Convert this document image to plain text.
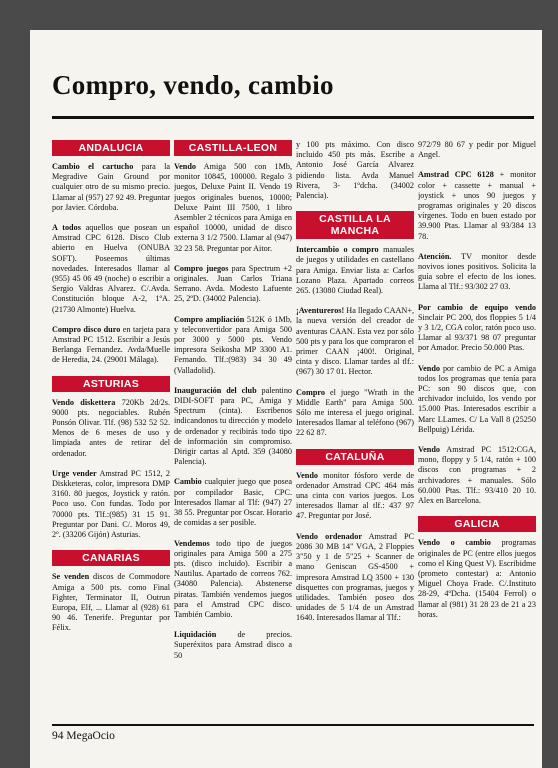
Compro, vendo, cambio
ANDALUCIA
Cambio el cartucho para la Megradive Gain Ground por cualquier otro de su mismo precio. Llamar al (957) 27 92 49. Preguntar por Javier. Córdoba.
A todos aquellos que posean un Amstrad CPC 6128. Disco Club abierto en Huelva (ONUBA SOFT). Poseemos últimas novedades. Interesados llamar al (955) 45 06 49 (noche) o escribir a Sergio Valdras Alvarez. C/.Avda. Constitución bloque A-2, 1ºA. (21730 Almonte) Huelva.
Compro disco duro en tarjeta para Amstrad PC 1512. Escribir a Jesús Berlanga Fernandez. Avda/Muelle de Heredia, 24. (29001 Málaga).
ASTURIAS
Vendo diskettera 720Kb 2d/2s. 9000 pts. negociables. Rubén Ponsón Olivar. Tlf. (98) 532 52 52. Menos de 6 meses de uso y limpiada antes de retirar del ordenador.
Urge vender Amstrad PC 1512, 2 Diskketeras, color, impresora DMP 3160. 80 juegos, Joystick y ratón. Poco uso. Con fundas. Todo por 70000 pts. Tlf.:(985) 31 15 91. Preguntar por Dani. C/. Moros 49, 2º. (33206 Gijón) Asturias.
CANARIAS
Se venden discos de Commodore Amiga a 500 pts. como Final Fighter, Terminator II, Outrun Europa, Elf, ... Llamar al (928) 61 90 46. Tenerife. Preguntar por Félix.
CASTILLA-LEON
Vendo Amiga 500 con 1Mb, monitor 10845, 100000. Regalo 3 juegos, Deluxe Paint II. Vendo 19 juegos originales buenos, 10000; Deluxe Paint III 7500, 1 libro Asembler 2 técnicos para Amiga en español 10000, unidad de disco externa 3 1/2 7500. Llamar al (947) 32 23 58. Preguntar por Aitor.
Compro juegos para Spectrum +2 originales. Juan Carlos Triana Serrano. Avda. Modesto Lafuente 25, 2ºD. (34002 Palencia).
Compro ampliación 512K ó 1Mb, y teleconvertidor para Amiga 500 por 3000 y 5000 pts. Vendo impresora Seikosha MP 3300 A1. Fernando. Tlf.:(983) 34 30 49 (Valladolid).
Inauguración del club palentino DIDI-SOFT para PC, Amiga y Spectrum (cinta). Escribenos indicandonos tu dirección y modelo de ordenador y recibirás todo tipo de información sin compromiso. Dirigir cartas al Aptd. 359 (34080 Palencia).
Cambio cualquier juego que posea por compilador Basic, CPC. Interesados llamar al Tlf: (947) 27 38 55. Preguntar por Oscar. Horario de comidas a ser posible.
Vendemos todo tipo de juegos originales para Amiga 500 a 275 pts. (disco incluido). Escribir a Nautilus. Apartado de correos 762. (34080 Palencia). Abstenerse piratas. También vendemos juegos para el Amstrad CPC disco. También Cambio.
Liquidación de precios. Superéxitos para Amstrad disco a 50
y 100 pts máximo. Con disco incluido 450 pts más. Escribe a Antonio José García Alvarez pidiendo lista. Avda Manuel Rivera, 3- 1ºdcha. (34002 Palencia).
CASTILLA LA MANCHA
Intercambio o compro manuales de juegos y utilidades en castellano para Amiga. Enviar lista a: Carlos Lozano Plaza. Apartado correos 265. (13080 Ciudad Real).
¡Aventureros! Ha llegado CAAN+, la nueva versión del creador de aventuras CAAN. Esta vez por sólo 500 pts y para los que compraron el primer CAAN ¡400!. Original, cinta y disco. Llamar tardes al tlf.: (967) 30 17 01. Hector.
Compro el juego "Wrath in the Middle Earth" para Amiga 500. Sólo me interesa el juego original. Interesados llamar al teléfono (967) 22 62 87.
CATALUÑA
Vendo monitor fósforo verde de ordenador Amstrad CPC 464 más una cinta con varios juegos. Los interesados llamar al tlf.: 437 97 47. Preguntar por José.
Vendo ordenador Amstrad PC 2086 30 MB 14" VGA, 2 Floppies 3"50 y 1 de 5"25 + Scanner de mano Geniscan GS-4500 + impresora Amstrad LQ 3500 + 130 disquettes con programas, juegos y utilidades. También poseo dos unidades de 5 1/4 de un Amstrad 1640. Interesados llamar al Tlf.:
972/79 80 67 y pedir por Miguel Angel.
Amstrad CPC 6128 + monitor color + cassette + manual + joystick + unos 90 juegos y programas originales y 20 discos vírgenes. Todo en buen estado por 39.900 Ptas. Llamar al 93/384 13 78.
Atención. TV monitor desde novivos iones positivos. Solicita la guía sobre el efecto de los iones. Llama al Tlf.: 93/302 27 03.
Por cambio de equipo vendo Sinclair PC 200, dos floppies 5 1/4 y 3 1/2, CGA color, ratón poco uso. Llamar al 93/371 98 07 preguntar por Amador. Precio 50.000 Ptas.
Vendo por cambio de PC a Amiga todos los programas que tenía para PC: son 90 discos que, con archivador incluido, los vendo por 15.000 Ptas. Interesados escribir a Marc LLames. C/ La Vall 8 (25250 Bellpuig) Lérida.
Vendo Amstrad PC 1512:CGA, mono, floppy y 5 1/4, ratón + 100 discos con programas + 2 archivadores + manuales. Sólo 60.000 Ptas. Tlf.: 93/410 20 10. Alex en Barcelona.
GALICIA
Vendo o cambio programas originales de PC (entre ellos juegos como el King Quest V). Escribidme (prometo contestar) a: Antonio Miguel Choya Frade. C/.Instituto 28-29, 4ºDcha. (15404 Ferrol) o llamar al (981) 31 28 23 de 21 a 23 horas.
94 MegaOcio
